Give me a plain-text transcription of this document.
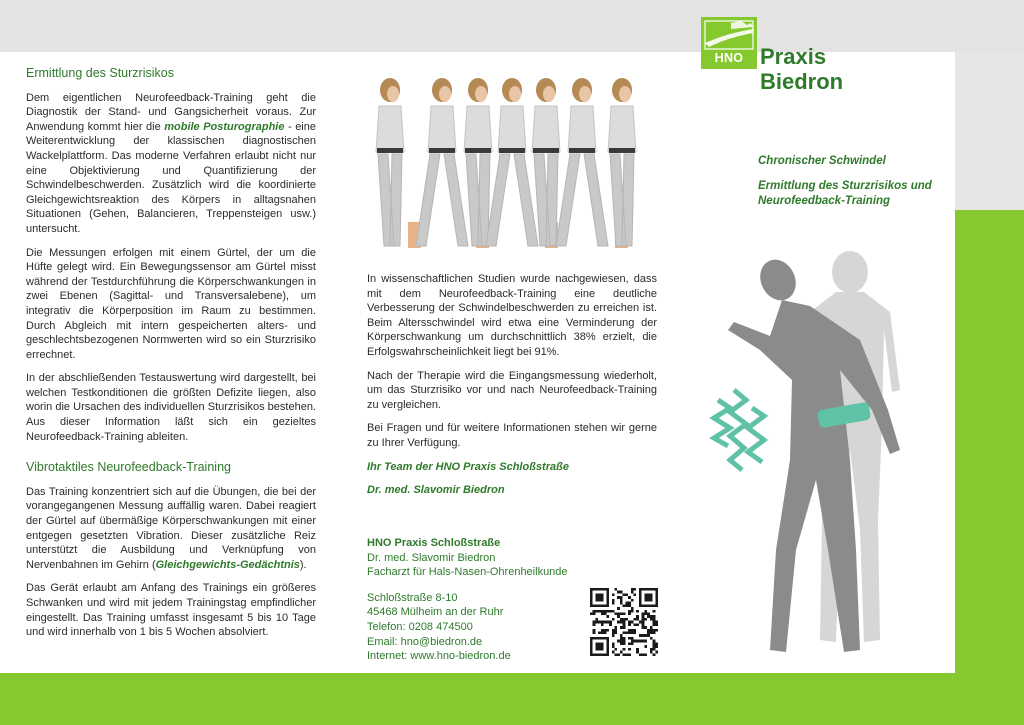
Ermittlung des Sturzrisikos

Dem eigentlichen Neurofeedback-Training geht die Diagnostik der Stand- und Gangsicherheit voraus. Zur Anwendung kommt hier die mobile Posturographie - eine Weiterentwicklung der klassischen diagnostischen Wackelplattform. Das moderne Verfahren erlaubt nicht nur eine Objektivierung und Quantifizierung der Schwindelbeschwerden. Zusätzlich wird die koordinierte Gleichgewichtsreaktion des Körpers in alltagsnahen Situationen (Gehen, Balancieren, Treppensteigen usw.) untersucht.

Die Messungen erfolgen mit einem Gürtel, der um die Hüfte gelegt wird. Ein Bewegungssensor am Gürtel misst während der Testdurchführung die Körperschwankungen in zwei Ebenen (Sagittal- und Transversalebene), um integrativ die Körperposition im Raum zu bestimmen. Durch Abgleich mit intern gespeicherten alters- und geschlechtsbezogenen Normwerten wird so ein Sturzrisiko errechnet.

In der abschließenden Testauswertung wird dargestellt, bei welchen Testkonditionen die größten Defizite liegen, also worin die Ursachen des individuellen Sturzrisikos bestehen. Aus dieser Information läßt sich ein gezieltes Neurofeedback-Training ableiten.

Vibrotaktiles Neurofeedback-Training

Das Training konzentriert sich auf die Übungen, die bei der vorangegangenen Messung auffällig waren. Dabei reagiert der Gürtel auf übermäßige Körperschwankungen mit einer entgegen gesetzten Vibration. Dieser zusätzliche Reiz unterstützt die Ausbildung und Verknüpfung von Nervenbahnen im Gehirn (Gleichgewichts-Gedächtnis).

Das Gerät erlaubt am Anfang des Trainings ein größeres Schwanken und wird mit jedem Trainingstag empfindlicher eingestellt. Das Training umfasst insgesamt 5 bis 10 Tage und wird innerhalb von 1 bis 5 Wochen absolviert.

In wissenschaftlichen Studien wurde nachgewiesen, dass mit dem Neurofeedback-Training eine deutliche Verbesserung der Schwindelbeschwerden zu erreichen ist. Beim Altersschwindel wird etwa eine Verminderung der Körperschwankung um durchschnittlich 38% erzielt, die Erfolgswahrscheinlichkeit liegt bei 91%.

Nach der Therapie wird die Eingangsmessung wiederholt, um das Sturzrisiko vor und nach Neurofeedback-Training zu vergleichen.

Bei Fragen und für weitere Informationen stehen wir gerne zu Ihrer Verfügung.

Ihr Team der HNO Praxis Schloßstraße

Dr. med. Slavomir Biedron

HNO Praxis Schloßstraße
Dr. med. Slavomir Biedron
Facharzt für Hals-Nasen-Ohrenheilkunde
Schloßstraße 8-10
45468 Mülheim an der Ruhr
Telefon: 0208 474500
Email: hno@biedron.de
Internet: www.hno-biedron.de
HNO Praxis
Biedron
Chronischer Schwindel
Ermittlung des Sturzrisikos und Neurofeedback-Training
